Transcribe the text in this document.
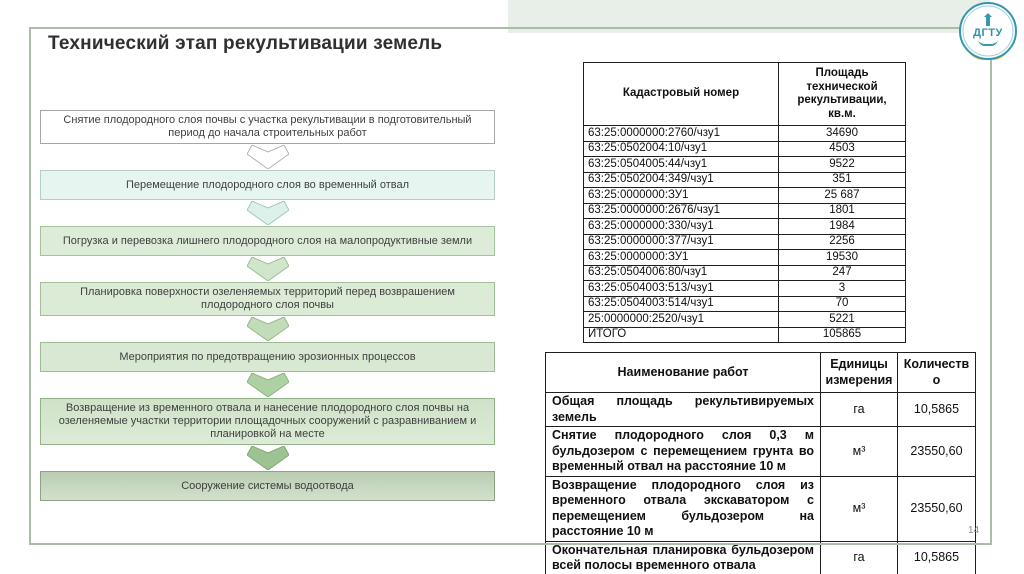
Технический этап рекультивации земель
Снятие плодородного слоя почвы с участка рекультивации в подготовительный период до начала строительных работ
Перемещение плодородного слоя во временный отвал
Погрузка и перевозка лишнего плодородного слоя на малопродуктивные земли
Планировка поверхности озеленяемых территорий перед возврашением плодородного слоя почвы
Мероприятия по предотвращению эрозионных процессов
Возвращение из временного отвала и нанесение плодородного слоя почвы на озеленяемые участки территории площадочных сооружений с разравниванием и планировкой на месте
Сооружение системы водоотвода
Кадастровый номер	Площадь технической рекультивации, кв.м.
63:25:0000000:2760/чзу1	34690
63:25:0502004:10/чзу1	4503
63:25:0504005:44/чзу1	9522
63:25:0502004:349/чзу1	351
63:25:0000000:ЗУ1	25 687
63:25:0000000:2676/чзу1	1801
63:25:0000000:330/чзу1	1984
63:25:0000000:377/чзу1	2256
63:25:0000000:ЗУ1	19530
63:25:0504006:80/чзу1	247
63:25:0504003:513/чзу1	3
63:25:0504003:514/чзу1	70
25:0000000:2520/чзу1	5221
ИТОГО	105865
Наименование работ	Единицы измерения	Количество
Общая площадь рекультивируемых земель	га	10,5865
Снятие плодородного слоя 0,3 м бульдозером с перемещением грунта во временный отвал на расстояние 10 м	м³	23550,60
Возвращение плодородного слоя из временного отвала экскаватором с перемещением бульдозером на расстояние 10 м	м³	23550,60
Окончательная планировка бульдозером всей полосы временного отвала	га	10,5865
ДГТУ
14
